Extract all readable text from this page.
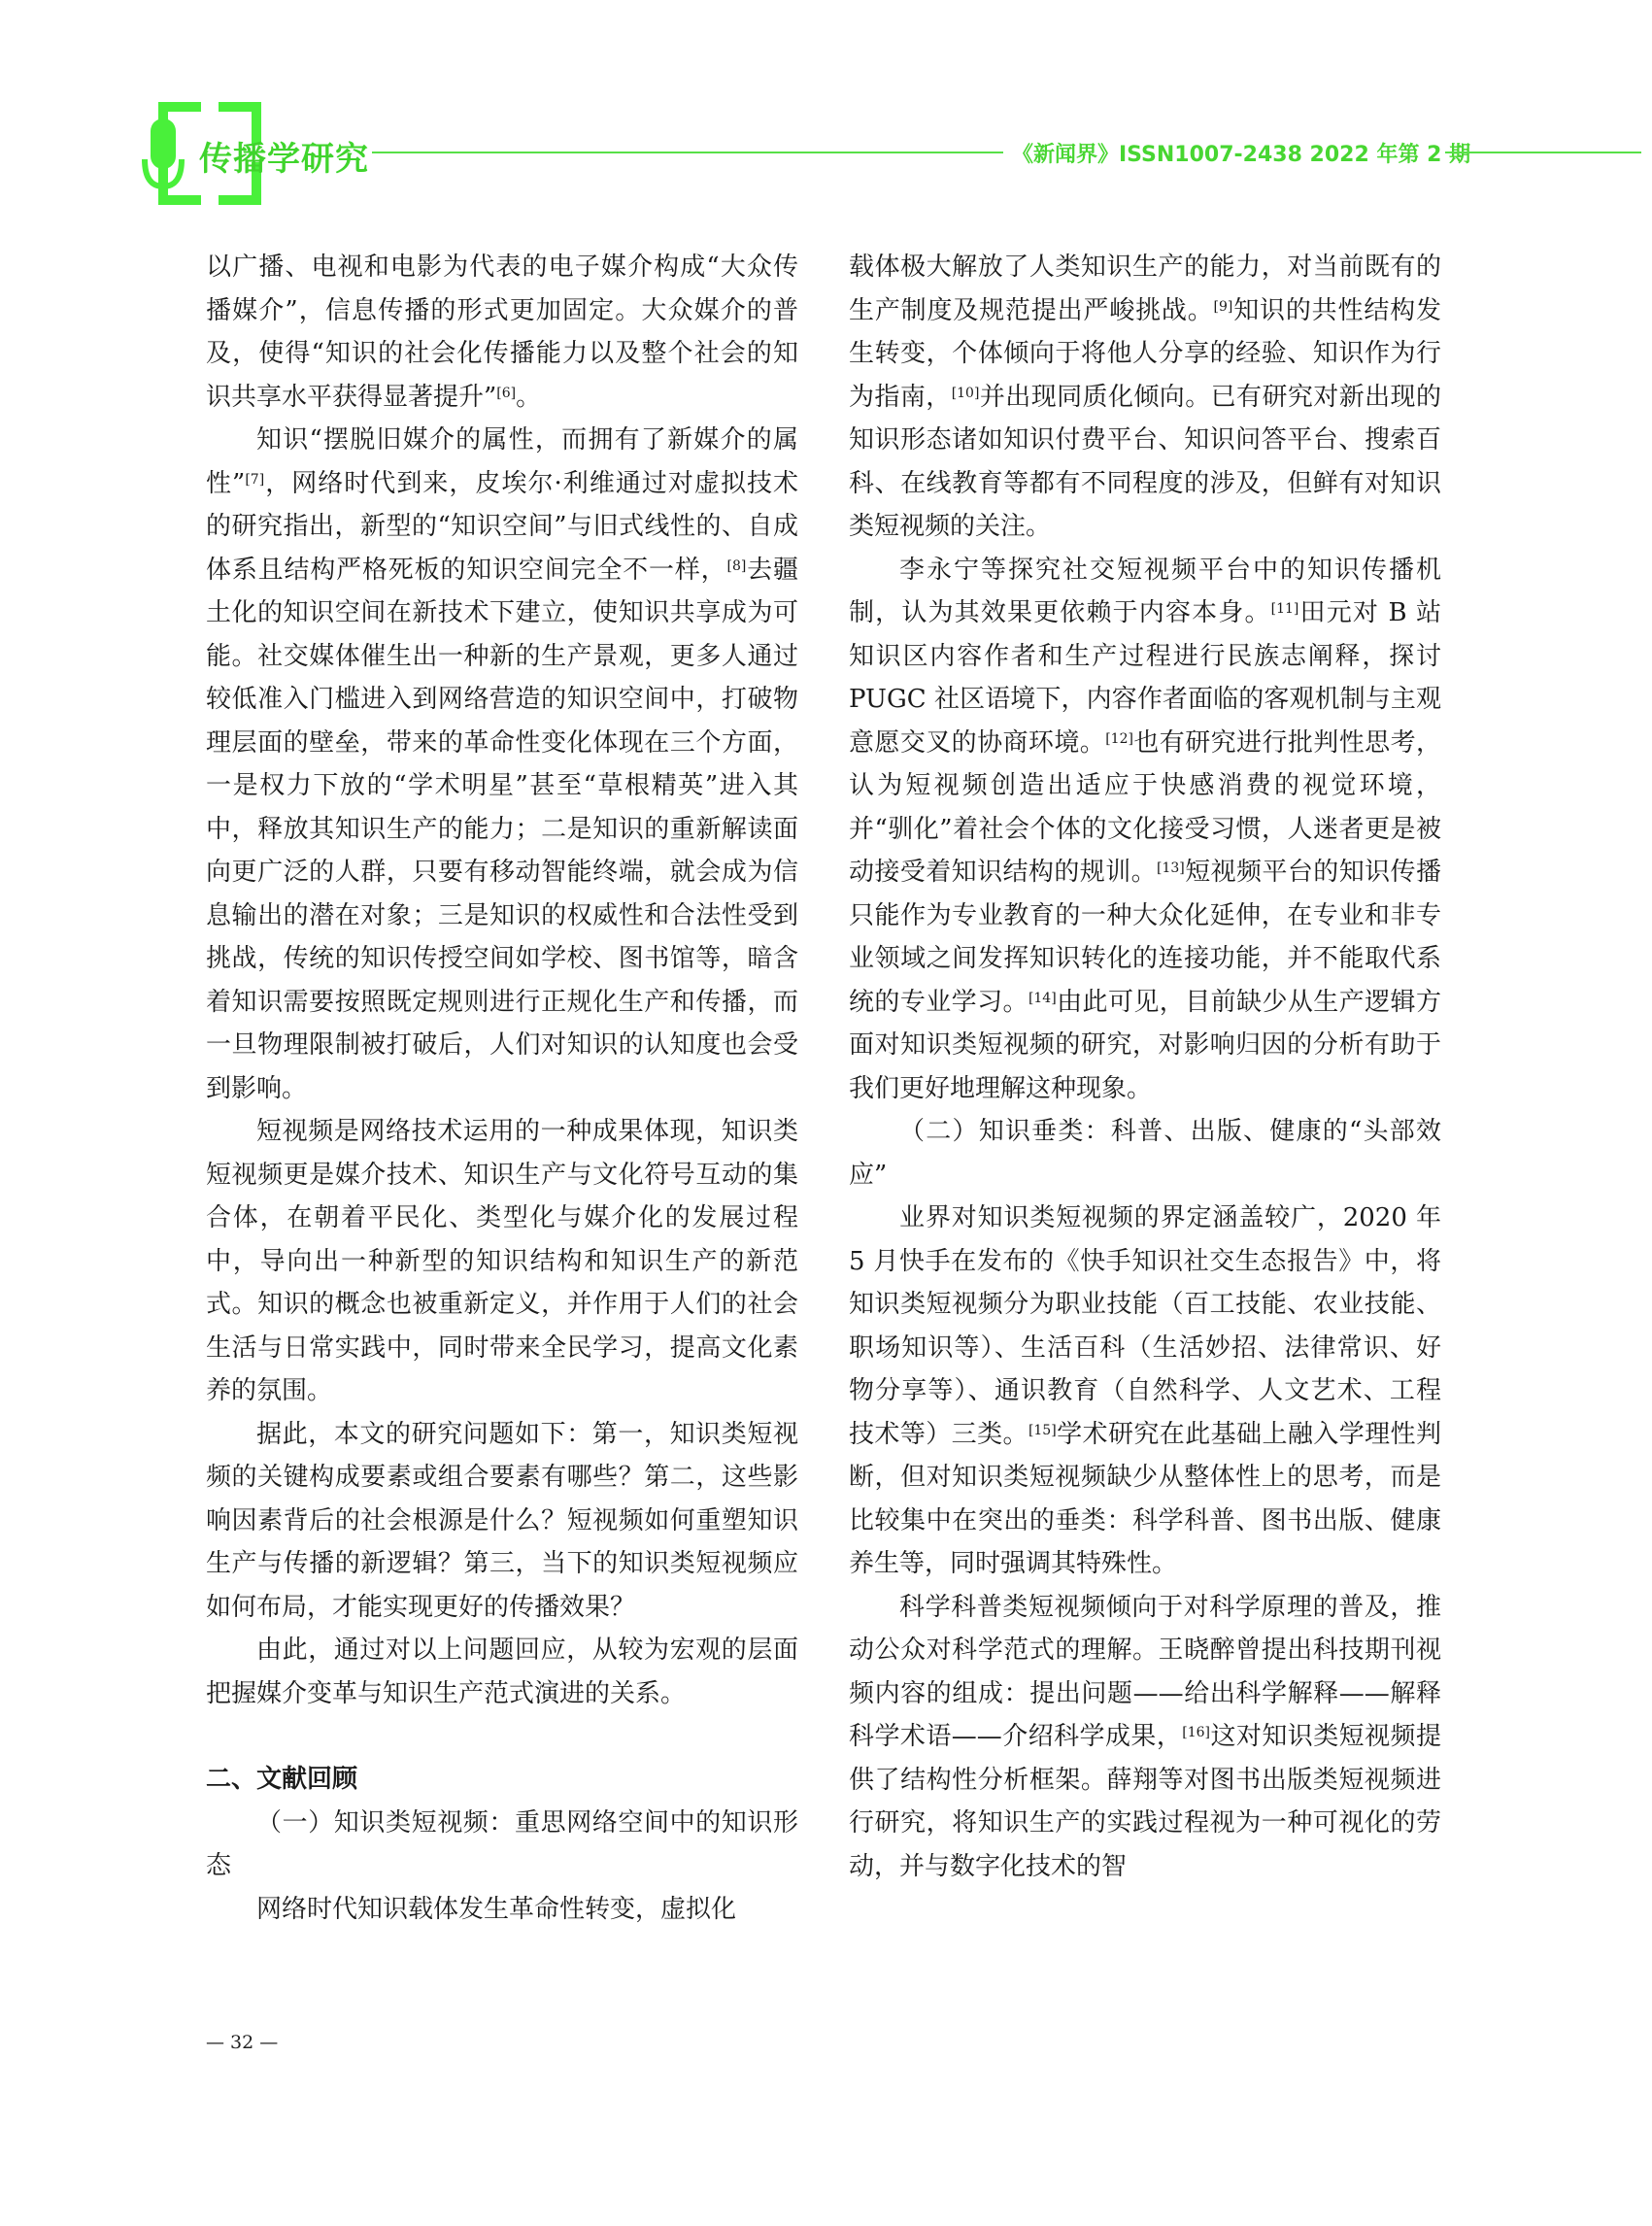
传播学研究	《新闻界》ISSN1007-2438 2022 年第 2 期

以广播、电视和电影为代表的电子媒介构成“大众传播媒介”，信息传播的形式更加固定。大众媒介的普及，使得“知识的社会化传播能力以及整个社会的知识共享水平获得显著提升”[6]。

知识“摆脱旧媒介的属性，而拥有了新媒介的属性”[7]，网络时代到来，皮埃尔·利维通过对虚拟技术的研究指出，新型的“知识空间”与旧式线性的、自成体系且结构严格死板的知识空间完全不一样，[8]去疆土化的知识空间在新技术下建立，使知识共享成为可能。社交媒体催生出一种新的生产景观，更多人通过较低准入门槛进入到网络营造的知识空间中，打破物理层面的壁垒，带来的革命性变化体现在三个方面，一是权力下放的“学术明星”甚至“草根精英”进入其中，释放其知识生产的能力；二是知识的重新解读面向更广泛的人群，只要有移动智能终端，就会成为信息输出的潜在对象；三是知识的权威性和合法性受到挑战，传统的知识传授空间如学校、图书馆等，暗含着知识需要按照既定规则进行正规化生产和传播，而一旦物理限制被打破后，人们对知识的认知度也会受到影响。

短视频是网络技术运用的一种成果体现，知识类短视频更是媒介技术、知识生产与文化符号互动的集合体，在朝着平民化、类型化与媒介化的发展过程中，导向出一种新型的知识结构和知识生产的新范式。知识的概念也被重新定义，并作用于人们的社会生活与日常实践中，同时带来全民学习，提高文化素养的氛围。

据此，本文的研究问题如下：第一，知识类短视频的关键构成要素或组合要素有哪些？第二，这些影响因素背后的社会根源是什么？短视频如何重塑知识生产与传播的新逻辑？第三，当下的知识类短视频应如何布局，才能实现更好的传播效果？

由此，通过对以上问题回应，从较为宏观的层面把握媒介变革与知识生产范式演进的关系。

二、文献回顾

（一）知识类短视频：重思网络空间中的知识形态

网络时代知识载体发生革命性转变，虚拟化

载体极大解放了人类知识生产的能力，对当前既有的生产制度及规范提出严峻挑战。[9]知识的共性结构发生转变，个体倾向于将他人分享的经验、知识作为行为指南，[10]并出现同质化倾向。已有研究对新出现的知识形态诸如知识付费平台、知识问答平台、搜索百科、在线教育等都有不同程度的涉及，但鲜有对知识类短视频的关注。

李永宁等探究社交短视频平台中的知识传播机制，认为其效果更依赖于内容本身。[11]田元对 B 站知识区内容作者和生产过程进行民族志阐释，探讨 PUGC 社区语境下，内容作者面临的客观机制与主观意愿交叉的协商环境。[12]也有研究进行批判性思考，认为短视频创造出适应于快感消费的视觉环境，并“驯化”着社会个体的文化接受习惯，人迷者更是被动接受着知识结构的规训。[13]短视频平台的知识传播只能作为专业教育的一种大众化延伸，在专业和非专业领域之间发挥知识转化的连接功能，并不能取代系统的专业学习。[14]由此可见，目前缺少从生产逻辑方面对知识类短视频的研究，对影响归因的分析有助于我们更好地理解这种现象。

（二）知识垂类：科普、出版、健康的“头部效应”

业界对知识类短视频的界定涵盖较广，2020 年 5 月快手在发布的《快手知识社交生态报告》中，将知识类短视频分为职业技能（百工技能、农业技能、职场知识等）、生活百科（生活妙招、法律常识、好物分享等）、通识教育（自然科学、人文艺术、工程技术等）三类。[15]学术研究在此基础上融入学理性判断，但对知识类短视频缺少从整体性上的思考，而是比较集中在突出的垂类：科学科普、图书出版、健康养生等，同时强调其特殊性。

科学科普类短视频倾向于对科学原理的普及，推动公众对科学范式的理解。王晓醉曾提出科技期刊视频内容的组成：提出问题——给出科学解释——解释科学术语——介绍科学成果，[16]这对知识类短视频提供了结构性分析框架。薛翔等对图书出版类短视频进行研究，将知识生产的实践过程视为一种可视化的劳动，并与数字化技术的智

— 32 —
